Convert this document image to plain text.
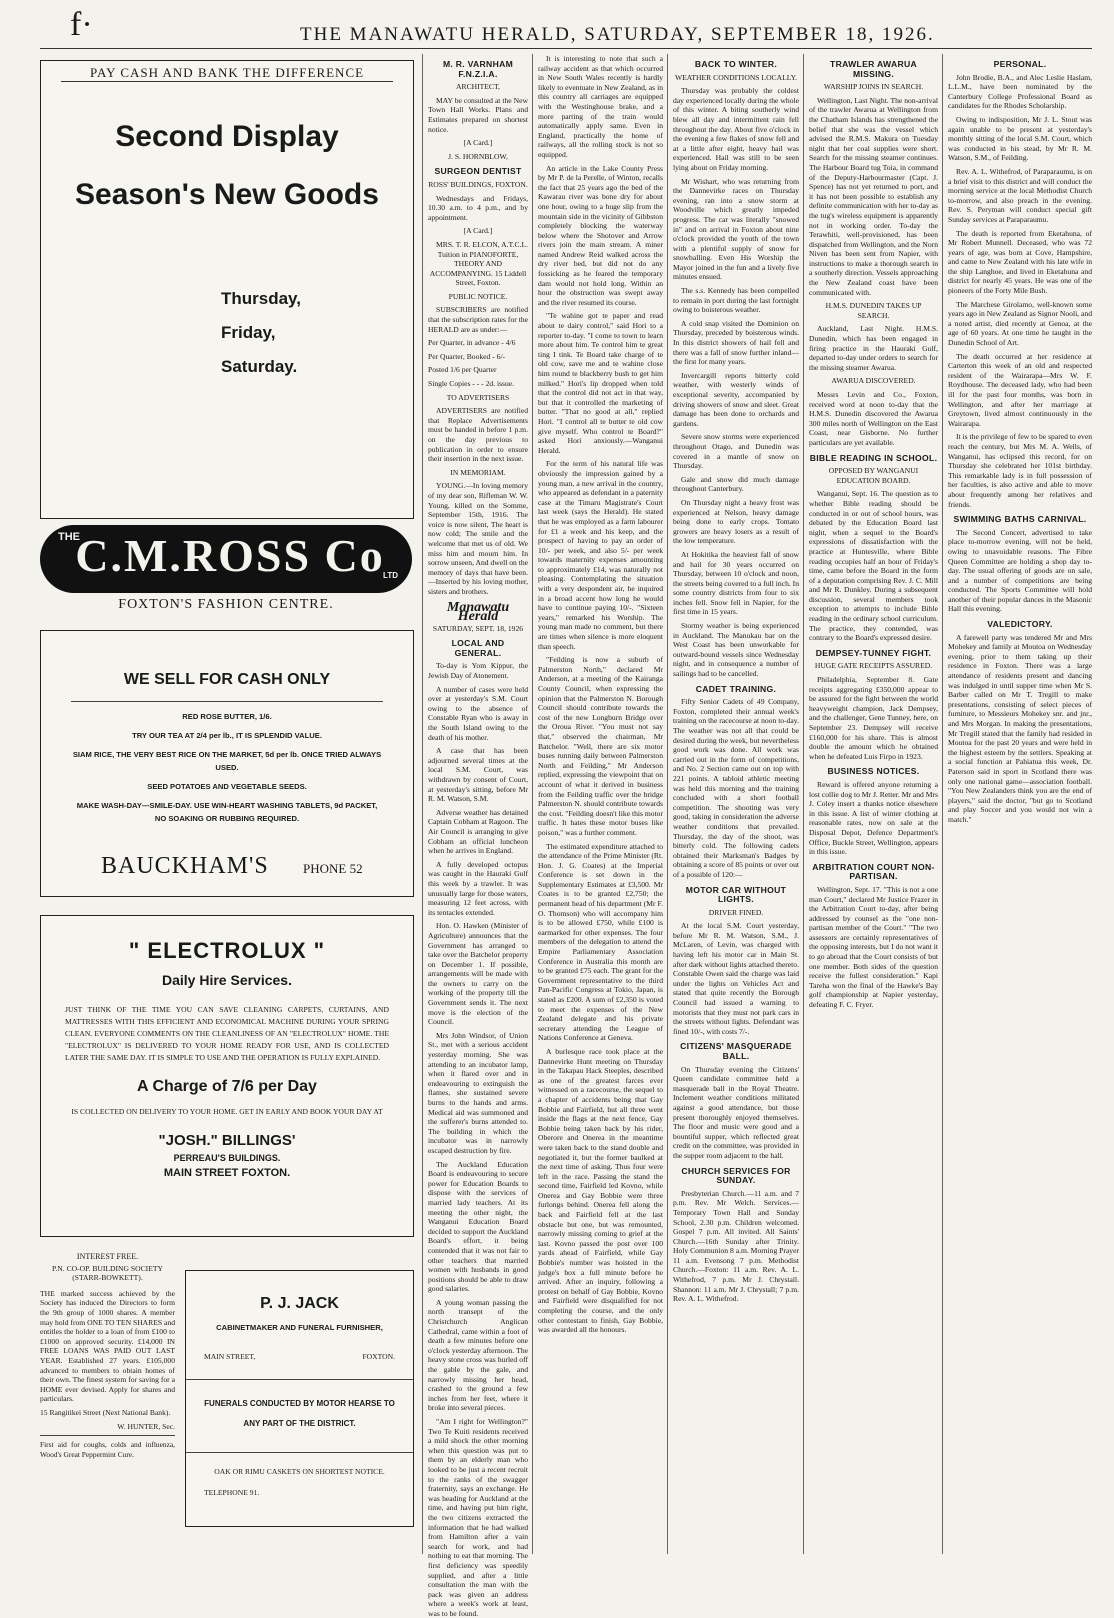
f·	THE MANAWATU HERALD, SATURDAY, SEPTEMBER 18, 1926.
PAY CASH AND BANK THE DIFFERENCE
Second Display
Season's New Goods
Thursday,
Friday,
Saturday.
THE
C.M.ROSS Co
LTD
FOXTON'S FASHION CENTRE.
WE SELL FOR CASH ONLY
RED ROSE BUTTER, 1/6.
TRY OUR TEA AT 2/4 per lb., IT IS SPLENDID VALUE.
SIAM RICE, THE VERY BEST RICE ON THE MARKET, 5d per lb. ONCE TRIED ALWAYS USED.
SEED POTATOES AND VEGETABLE SEEDS.
MAKE WASH-DAY—SMILE-DAY. USE WIN-HEART WASHING TABLETS, 9d PACKET, NO SOAKING OR RUBBING REQUIRED.
BAUCKHAM'S	PHONE 52
" ELECTROLUX "
Daily Hire Services.
JUST THINK OF THE TIME YOU CAN SAVE CLEANING CARPETS, CURTAINS, AND MATTRESSES WITH THIS EFFICIENT AND ECONOMICAL MACHINE DURING YOUR SPRING CLEAN. EVERYONE COMMENTS ON THE CLEANLINESS OF AN "ELECTROLUX" HOME. THE "ELECTROLUX" IS DELIVERED TO YOUR HOME READY FOR USE, AND IS COLLECTED LATER THE SAME DAY. IT IS SIMPLE TO USE AND THE OPERATION IS FULLY EXPLAINED.
A Charge of 7/6 per Day
IS COLLECTED ON DELIVERY TO YOUR HOME. GET IN EARLY AND BOOK YOUR DAY AT
"JOSH." BILLINGS'
PERREAU'S BUILDINGS.
MAIN STREET FOXTON.
INTEREST FREE.
P.N. CO-OP. BUILDING SOCIETY (STARR-BOWKETT).

THE marked success achieved by the Society has induced the Directors to form the 9th group of 1000 shares. A member may hold from ONE TO TEN SHARES and entitles the holder to a loan of from £100 to £1000 on approved security. £14,000 IN FREE LOANS WAS PAID OUT LAST YEAR. Established 27 years. £105,000 advanced to members to obtain homes of their own. The finest system for saving for a HOME ever devised. Apply for shares and particulars.

15 Rangitikei Street (Next National Bank).

W. HUNTER, Sec.

First aid for coughs, colds and influenza, Wood's Great Peppermint Cure.

P. J. JACK
CABINETMAKER AND FUNERAL FURNISHER,
MAIN STREET,	FOXTON.
FUNERALS CONDUCTED BY MOTOR HEARSE TO ANY PART OF THE DISTRICT.
OAK OR RIMU CASKETS ON SHORTEST NOTICE.
TELEPHONE 91.
M. R. VARNHAM F.N.Z.I.A.
ARCHITECT,

MAY be consulted at the New Town Hall Works. Plans and Estimates prepared on shortest notice.

[A Card.]
J. S. HORNBLOW,
SURGEON DENTIST
ROSS' BUILDINGS, FOXTON.

Wednesdays and Fridays, 10.30 a.m. to 4 p.m., and by appointment.

[A Card.]

MRS. T. R. ELCON, A.T.C.L. Tuition in PIANOFORTE, THEORY AND ACCOMPANYING. 15 Liddell Street, Foxton.

PUBLIC NOTICE.

SUBSCRIBERS are notified that the subscription rates for the HERALD are as under:—

Per Quarter, in advance - 4/6

Per Quarter, Booked - 6/-

Posted 1/6 per Quarter

Single Copies - - - 2d. issue.

TO ADVERTISERS

ADVERTISERS are notified that Replace Advertisements must be handed in before 1 p.m. on the day previous to publication in order to ensure their insertion in the next issue.

IN MEMORIAM.

YOUNG.—In loving memory of my dear son, Rifleman W. W. Young, killed on the Somme, September 15th, 1916. The voice is now silent, The heart is now cold; The smile and the welcome that met us of old. We miss him and mourn him. In sorrow unseen, And dwell on the memory of days that have been. —Inserted by his loving mother, sisters and brothers.

Manawatu Herald
SATURDAY, SEPT. 18, 1926
LOCAL AND GENERAL.

To-day is Yom Kippur, the Jewish Day of Atonement.

A number of cases were held over at yesterday's S.M. Court owing to the absence of Constable Ryan who is away in the South Island owing to the death of his mother.

A case that has been adjourned several times at the local S.M. Court, was withdrawn by consent of Court, at yesterday's sitting, before Mr R. M. Watson, S.M.

Adverse weather has detained Captain Cobham at Ragoon. The Air Council is arranging to give Cobham an official luncheon when he arrives in England.

A fully developed octopus was caught in the Hauraki Gulf this week by a trawler. It was unusually large for those waters, measuring 12 feet across, with its tentacles extended.

Hon. O. Hawken (Minister of Agriculture) announces that the Government has arranged to take over the Batchelor property on December 1. If possible, arrangements will be made with the owners to carry on the working of the property till the Government sends it. The next move is the election of the Council.

Mrs John Windsor, of Union St., met with a serious accident yesterday morning. She was attending to an incubator lamp, when it flared over and in endeavouring to extinguish the flames, she sustained severe burns to the hands and arms. Medical aid was summoned and the sufferer's burns attended to. The building in which the incubator was in narrowly escaped destruction by fire.

The Auckland Education Board is endeavouring to secure power for Education Boards to dispose with the services of married lady teachers. At its meeting the other night, the Wanganui Education Board decided to support the Auckland Board's effort, it being contended that it was not fair to other teachers that married women with husbands in good positions should be able to draw good salaries.

A young woman passing the north transept of the Christchurch Anglican Cathedral, came within a foot of death a few minutes before one o'clock yesterday afternoon. The heavy stone cross was hurled off the gable by the gale, and narrowly missing her head, crashed to the ground a few inches from her feet, where it broke into several pieces.

"Am I right for Wellington?" Two Te Kuiti residents received a mild shock the other morning when this question was put to them by an elderly man who looked to be just a recent recruit to the ranks of the swagger fraternity, says an exchange. He was heading for Auckland at the time, and having put him right, the two citizens extracted the information that he had walked from Hamilton after a vain search for work, and had nothing to eat that morning. The first deficiency was speedily supplied, and after a little consultation the man with the pack was given an address where a week's work at least, was to be found.

It is interesting to note that such a railway accident as that which occurred in New South Wales recently is hardly likely to eventuate in New Zealand, as in this country all carriages are equipped with the Westinghouse brake, and a more parting of the train would automatically apply same. Even in England, practically the home of railways, all the rolling stock is not so equipped.

An article in the Lake County Press by Mr P. de la Perelle, of Winton, recalls the fact that 25 years ago the bed of the Kawarau river was bone dry for about one hour, owing to a huge slip from the mountain side in the vicinity of Gibbston completely blocking the waterway below where the Shotover and Arrow rivers join the main stream. A miner named Andrew Reid walked across the dry river bed, but did not do any fossicking as he feared the temporary dam would not hold long. Within an hour the obstruction was swept away and the river resumed its course.

"Te wahine got te paper and read about te dairy control," said Hori to a reporter to-day. "I come to town to learn more about him. Te control him te great ting I tink. Te Board take charge of te old cow, save me and te wahine close him round te blackberry bush to get him milked." Hori's lip dropped when told that the control did not act in that way, but that it controlled the marketing of butter. "That no good at all," replied Hori. "I control all te butter te old cow give myself. Who control te Board?" asked Hori anxiously.—Wanganui Herald.

For the term of his natural life was obviously the impression gained by a young man, a new arrival in the country, who appeared as defendant in a paternity case at the Timaru Magistrate's Court last week (says the Herald). He stated that he was employed as a farm labourer for £1 a week and his keep, and the prospect of having to pay an order of 10/- per week, and also 5/- per week towards maternity expenses amounting to approximately £14, was naturally not pleasing. Contemplating the situation with a very despondent air, he inquired in a broad accent how long he would have to continue paying 10/-. "Sixteen years," remarked his Worship. The young man made no comment, but there are times when silence is more eloquent than speech.

"Feilding is now a suburb of Palmerston North," declared Mr Anderson, at a meeting of the Kairanga County Council, when expressing the opinion that the Palmerston N. Borough Council should contribute towards the cost of the new Longburn Bridge over the Oroua River. "You must not say that," observed the chairman, Mr Batchelor. "Well, there are six motor buses running daily between Palmerston North and Feilding," Mr Anderson replied, expressing the viewpoint that on account of what it derived in business from the Feilding traffic over the bridge Palmerston N. should contribute towards the cost. "Feilding doesn't like this motor traffic. It hates these motor buses like poison," was a further comment.

The estimated expenditure attached to the attendance of the Prime Minister (Rt. Hon. J. G. Coates) at the Imperial Conference is set down in the Supplementary Estimates at £3,500. Mr Coates is to be granted £2,750; the permanent head of his department (Mr F. O. Thomson) who will accompany him is to be allowed £750, while £100 is earmarked for other expenses. The four members of the delegation to attend the Empire Parliamentary Association Conference in Australia this month are to be granted £75 each. The grant for the Government representative to the third Pan-Pacific Congress at Tokio, Japan, is stated as £200. A sum of £2,350 is voted to meet the expenses of the New Zealand delegate and his private secretary attending the League of Nations Conference at Geneva.

A burlesque race took place at the Dannevirke Hunt meeting on Thursday in the Takapau Hack Steeples, described as one of the greatest farces ever witnessed on a racecourse, the sequel to a chapter of accidents being that Gay Bobbie and Fairfield, but all three went inside the flags at the next fence, Gay Bobbie being taken back by his rider, Oberore and Onerea in the meantime were taken back to the stand double and negotiated it, but the former baulked at the next time of asking. Thus four were left in the race. Passing the stand the second time, Fairfield led Kovno, while Onerea and Gay Bobbie were three furlongs behind. Onerea fell along the back and Fairfield fell at the last obstacle but one, but was remounted, narrowly missing coming to grief at the last. Kovno passed the post over 100 yards ahead of Fairfield, while Gay Bobbie's number was hoisted in the judge's box a full minute before he arrived. After an inquiry, following a protest on behalf of Gay Bobbie, Kovno and Fairfield were disqualified for not completing the course, and the only other contestant to finish, Gay Bobbie, was awarded all the honours.

BACK TO WINTER.
WEATHER CONDITIONS LOCALLY.

Thursday was probably the coldest day experienced locally during the whole of this winter. A biting southerly wind blew all day and intermittent rain fell throughout the day. About five o'clock in the evening a few flakes of snow fell and at a little after eight, heavy hail was experienced. Hail was still to be seen lying about on Friday morning.

Mr Wishart, who was returning from the Dannevirke races on Thursday evening, ran into a snow storm at Woodville which greatly impeded progress. The car was literally "snowed in" and on arrival in Foxton about nine o'clock provided the youth of the town with a plentiful supply of snow for snowballing. Even His Worship the Mayor joined in the fun and a lively five minutes ensued.

The s.s. Kennedy has been compelled to remain in port during the last fortnight owing to boisterous weather.

A cold snap visited the Dominion on Thursday, preceded by boisterous winds. In this district showers of hail fell and there was a fall of snow further inland—the first for many years.

Invercargill reports bitterly cold weather, with westerly winds of exceptional severity, accompanied by driving showers of snow and sleet. Great damage has been done to orchards and gardens.

Severe snow storms were experienced throughout Otago, and Dunedin was covered in a mantle of snow on Thursday.

Gale and snow did much damage throughout Canterbury.

On Thursday night a heavy frost was experienced at Nelson, heavy damage being done to early crops. Tomato growers are heavy losers as a result of the low temperature.

At Hokitika the heaviest fall of snow and hail for 30 years occurred on Thursday, between 10 o'clock and noon, the streets being covered to a full inch. In some country districts from four to six inches fell. Snow fell in Napier, for the first time in 15 years.

Stormy weather is being experienced in Auckland. The Manukau bar on the West Coast has been unworkable for outward-bound vessels since Wednesday night, and in consequence a number of sailings had to be cancelled.

CADET TRAINING.

Fifty Senior Cadets of 49 Company, Foxton, completed their annual week's training on the racecourse at noon to-day. The weather was not all that could be desired during the week, but nevertheless good work was done. All work was carried out in the form of competitions, and No. 2 Section came out on top with 221 points. A tabloid athletic meeting was held this morning and the training concluded with a short football competition. The shooting was very good, taking in consideration the adverse weather conditions that prevailed. Thursday, the day of the shoot, was bitterly cold. The following cadets obtained their Marksman's Badges by obtaining a score of 85 points or over out of a possible of 120:—

MOTOR CAR WITHOUT LIGHTS.
DRIVER FINED.

At the local S.M. Court yesterday, before Mr R. M. Watson, S.M., J. McLaren, of Levin, was charged with having left his motor car in Main St. after dark without lights attached thereto. Constable Owen said the charge was laid under the lights on Vehicles Act and stated that quite recently the Borough Council had issued a warning to motorists that they must not park cars in the streets without lights. Defendant was fined 10/-, with costs 7/-.

CITIZENS' MASQUERADE BALL.

On Thursday evening the Citizens' Queen candidate committee held a masquerade ball in the Royal Theatre. Inclement weather conditions militated against a good attendance, but those present thoroughly enjoyed themselves. The floor and music were good and a bountiful supper, which reflected great credit on the committee, was provided in the supper room adjacent to the hall.

CHURCH SERVICES FOR SUNDAY.

Presbyterian Church.—11 a.m. and 7 p.m. Rev. Mr Welch. Services.—Temporary Town Hall and Sunday School, 2.30 p.m. Children welcomed. Gospel 7 p.m. All invited. All Saints' Church.—16th Sunday after Trinity. Holy Communion 8 a.m. Morning Prayer 11 a.m. Evensong 7 p.m. Methodist Church.—Foxton: 11 a.m. Rev. A. L. Withefrod, 7 p.m. Mr J. Chrystall. Shannon: 11 a.m. Mr J. Chrystall; 7 p.m. Rev. A. L. Withefrod.

TRAWLER AWARUA MISSING.
WARSHIP JOINS IN SEARCH.

Wellington, Last Night. The non-arrival of the trawler Awarua at Wellington from the Chatham Islands has strengthened the belief that she was the vessel which advised the R.M.S. Makura on Tuesday night that her coal supplies were short. Search for the missing steamer continues. The Harbour Board tug Toia, in command of the Deputy-Harbourmaster (Capt. J. Spence) has not yet returned to port, and it has not been possible to establish any definite communication with her to-day as the tug's wireless equipment is apparently not in working order. To-day the Terawhiti, well-provisioned, has been dispatched from Wellington, and the Norn Niven has been sent from Napier, with instructions to make a thorough search in a southerly direction. Vessels approaching the New Zealand coast have been communicated with.

H.M.S. DUNEDIN TAKES UP SEARCH.

Auckland, Last Night. H.M.S. Dunedin, which has been engaged in firing practice in the Hauraki Gulf, departed to-day under orders to search for the missing steamer Awarua.

AWARUA DISCOVERED.

Messrs Levin and Co., Foxton, received word at noon to-day that the H.M.S. Dunedin discovered the Awarua 300 miles north of Wellington on the East Coast, near Gisborne. No further particulars are yet available.

BIBLE READING IN SCHOOL.
OPPOSED BY WANGANUI EDUCATION BOARD.

Wanganui, Sept. 16. The question as to whether Bible reading should be conducted in or out of school hours, was debated by the Education Board last night, when a sequel to the Board's expressions of dissatisfaction with the practice at Huntesville, where Bible reading occupies half an hour of Friday's time, came before the Board in the form of a deputation comprising Rev. J. C. Mill and Mr R. Dunkley. During a subsequent discussion, several members took exception to attempts to include Bible reading in the ordinary school curriculum. The practice, they contended, was contrary to the Board's expressed desire.

DEMPSEY-TUNNEY FIGHT.
HUGE GATE RECEIPTS ASSURED.

Philadelphia, September 8. Gate receipts aggregating £350,000 appear to be assured for the fight between the world heavyweight champion, Jack Dempsey, and the challenger, Gene Tunney, here, on September 23. Dempsey will receive £160,000 for his share. This is almost double the amount which he obtained when he defeated Luis Firpo in 1923.

BUSINESS NOTICES.

Reward is offered anyone returning a lost collie dog to Mr J. Retter. Mr and Mrs J. Coley insert a thanks notice elsewhere in this issue. A list of winter clothing at reasonable rates, now on sale at the Disposal Depot, Defence Department's Office, Buckle Street, Wellington, appears in this issue.

ARBITRATION COURT NON-PARTISAN.

Wellington, Sept. 17. "This is not a one man Court," declared Mr Justice Frazer in the Arbitration Court to-day, after being addressed by counsel as the "one non-partisan member of the Court." "The two assessors are certainly representatives of the opposing interests, but I do not want it to go abroad that the Court consists of but one member. Both sides of the question receive the fullest consideration." Kapi Tareha won the final of the Hawke's Bay golf championship at Napier yesterday, defeating F. C. Fryer.

PERSONAL.

John Brodie, B.A., and Alec Leslie Haslam, L.L.M., have been nominated by the Canterbury College Professional Board as candidates for the Rhodes Scholarship.

Owing to indisposition, Mr J. L. Stout was again unable to be present at yesterday's monthly sitting of the local S.M. Court, which was conducted in his stead, by Mr R. M. Watson, S.M., of Feilding.

Rev. A. L. Withefrod, of Paraparaumu, is on a brief visit to this district and will conduct the morning service at the local Methodist Church to-morrow, and also preach in the evening. Rev. S. Peryman will conduct special gift Sunday services at Paraparaumu.

The death is reported from Eketahuna, of Mr Robert Munnell. Deceased, who was 72 years of age, was born at Cove, Hampshire, and came to New Zealand with his late wife in the ship Langhoe, and lived in Eketahuna and district for nearly 45 years. He was one of the pioneers of the Forty Mile Bush.

The Marchese Girolamo, well-known some years ago in New Zealand as Signor Nooli, and a noted artist, died recently at Genoa, at the age of 60 years. At one time he taught in the Dunedin School of Art.

The death occurred at her residence at Carterton this week of an old and respected resident of the Wairarapa—Mrs W. F. Roydhouse. The deceased lady, who had been ill for the past four months, was born in Wellington, and after her marriage at Greytown, lived almost continuously in the Wairarapa.

It is the privilege of few to be spared to even reach the century, but Mrs M. A. Wells, of Wanganui, has eclipsed this record, for on Thursday she celebrated her 101st birthday. This remarkable lady is in full possession of her faculties, is also active and able to move about frequently among her relatives and friends.

SWIMMING BATHS CARNIVAL.

The Second Concert, advertised to take place to-morrow evening, will not be held, owing to unavoidable reasons. The Fibre Queen Committee are holding a shop day to-day. The usual offering of goods are on sale, and a number of competitions are being conducted. The Sports Committee will hold another of their popular dances in the Masonic Hall this evening.

VALEDICTORY.

A farewell party was tendered Mr and Mrs Mohekey and family at Moutoa on Wednesday evening, prior to them taking up their residence in Foxton. There was a large attendance of residents present and dancing was indulged in until supper time when Mr S. Barber called on Mr T. Tregill to make presentations, consisting of select pieces of furniture, to Messieurs Mohekey snr. and jnr., and Mrs Morgan. In making the presentations, Mr Tregill stated that the family had resided in Moutoa for the past 20 years and were held in the highest esteem by the settlers. Speaking at a social function at Pahiatua this week, Dr. Paterson said in sport in Scotland there was only one national game—association football. "You New Zealanders think you are the end of players," said the doctor, "but go to Scotland and play Soccer and you would not win a match."
